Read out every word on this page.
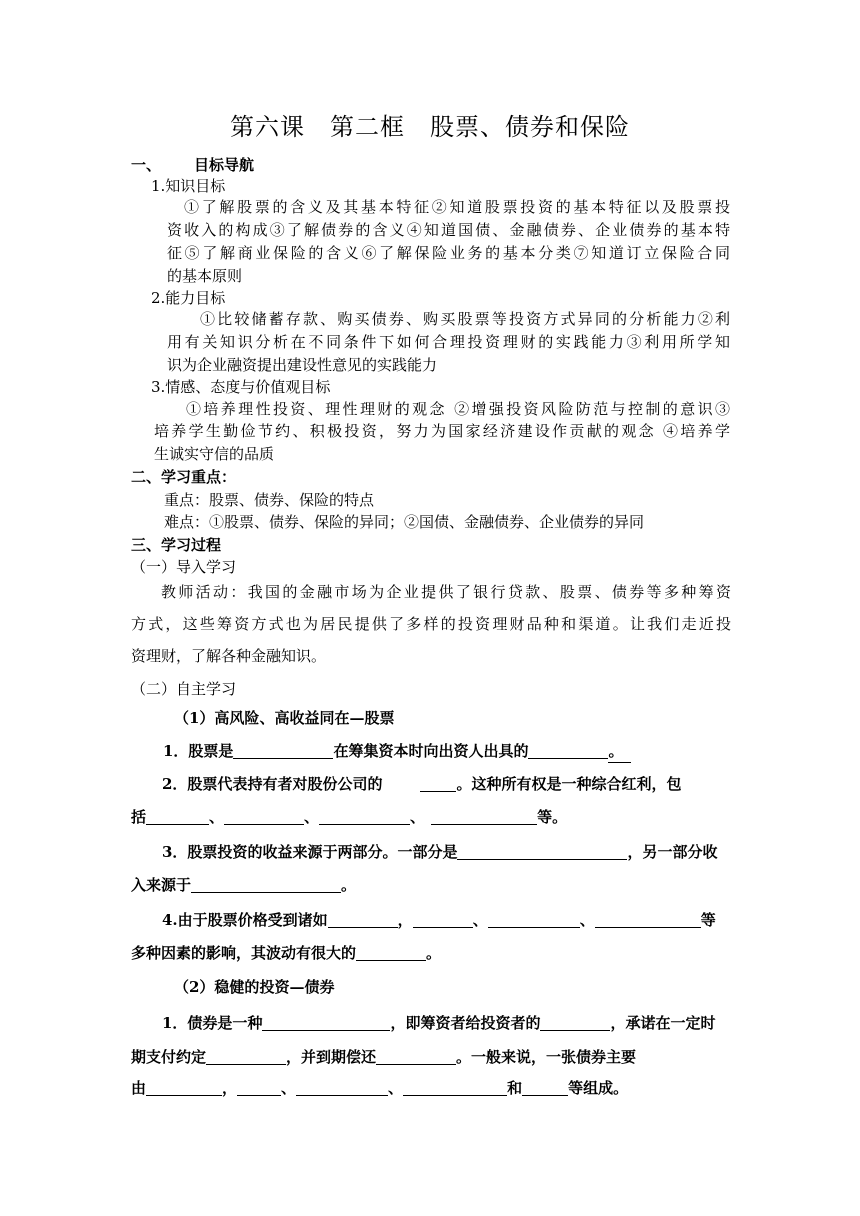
第六课　第二框　股票、债券和保险
一、 目标导航
1.知识目标
①了解股票的含义及其基本特征②知道股票投资的基本特征以及股票投
资收入的构成③了解债券的含义④知道国债、金融债券、企业债券的基本特
征⑤了解商业保险的含义⑥了解保险业务的基本分类⑦知道订立保险合同
的基本原则
2.能力目标
①比较储蓄存款、购买债券、购买股票等投资方式异同的分析能力②利
用有关知识分析在不同条件下如何合理投资理财的实践能力③利用所学知
识为企业融资提出建设性意见的实践能力
3.情感、态度与价值观目标
①培养理性投资、理性理财的观念 ②增强投资风险防范与控制的意识③
培养学生勤俭节约、积极投资，努力为国家经济建设作贡献的观念 ④培养学
生诚实守信的品质
二、学习重点：
重点：股票、债券、保险的特点
难点：①股票、债券、保险的异同；②国债、金融债券、企业债券的异同
三、学习过程
（一）导入学习
教师活动：我国的金融市场为企业提供了银行贷款、股票、债券等多种筹资
方式，这些筹资方式也为居民提供了多样的投资理财品种和渠道。让我们走近投
资理财，了解各种金融知识。
（二）自主学习
（1）高风险、高收益同在—股票
1．股票是	在筹集资本时向出资人出具的	。
2．股票代表持有者对股份公司的	。这种所有权是一种综合红利，包
括	、	、	、	等。
3．股票投资的收益来源于两部分。一部分是	，另一部分收
入来源于	。
4.由于股票价格受到诸如	，	、	、	等
多种因素的影响，其波动有很大的	。
（2）稳健的投资—债券
1．债券是一种	，即筹资者给投资者的	，承诺在一定时
期支付约定	，并到期偿还	。一般来说，一张债券主要
由	，	、	、	和	等组成。
